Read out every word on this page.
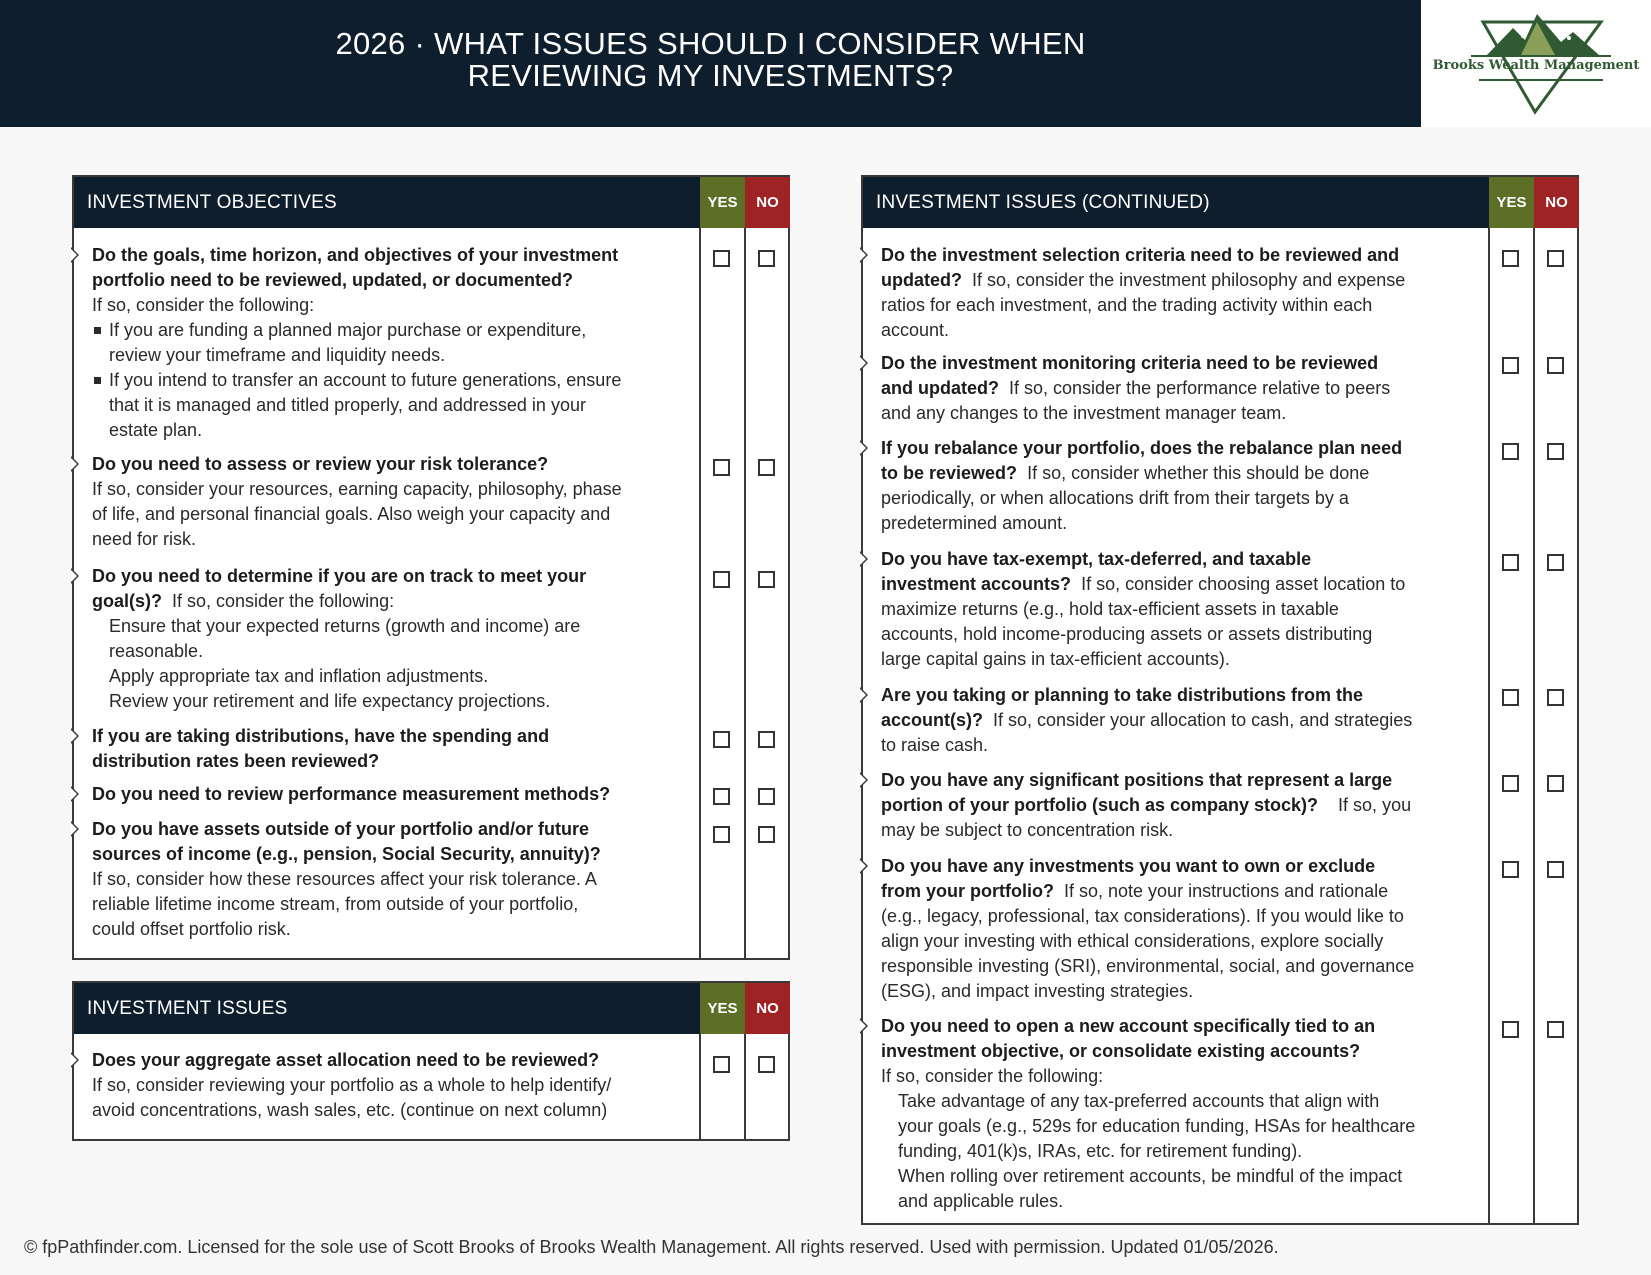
2026 · WHAT ISSUES SHOULD I CONSIDER WHEN
REVIEWING MY INVESTMENTS?	Brooks Wealth Management
INVESTMENT OBJECTIVES	YES	NO
Do the goals, time horizon, and objectives of your investment
portfolio need to be reviewed, updated, or documented?
If so, consider the following:
If you are funding a planned major purchase or expenditure,
review your timeframe and liquidity needs.
If you intend to transfer an account to future generations, ensure
that it is managed and titled properly, and addressed in your
estate plan.
Do you need to assess or review your risk tolerance?
If so, consider your resources, earning capacity, philosophy, phase
of life, and personal financial goals. Also weigh your capacity and
need for risk.
Do you need to determine if you are on track to meet your
goal(s)? If so, consider the following:
Ensure that your expected returns (growth and income) are
reasonable.
Apply appropriate tax and inflation adjustments.
Review your retirement and life expectancy projections.
If you are taking distributions, have the spending and
distribution rates been reviewed?
Do you need to review performance measurement methods?
Do you have assets outside of your portfolio and/or future
sources of income (e.g., pension, Social Security, annuity)?
If so, consider how these resources affect your risk tolerance. A
reliable lifetime income stream, from outside of your portfolio,
could offset portfolio risk.
INVESTMENT ISSUES	YES	NO
Does your aggregate asset allocation need to be reviewed?
If so, consider reviewing your portfolio as a whole to help identify/
avoid concentrations, wash sales, etc. (continue on next column)
INVESTMENT ISSUES (CONTINUED)	YES	NO
Do the investment selection criteria need to be reviewed and
updated? If so, consider the investment philosophy and expense
ratios for each investment, and the trading activity within each
account.
Do the investment monitoring criteria need to be reviewed
and updated? If so, consider the performance relative to peers
and any changes to the investment manager team.
If you rebalance your portfolio, does the rebalance plan need
to be reviewed? If so, consider whether this should be done
periodically, or when allocations drift from their targets by a
predetermined amount.
Do you have tax-exempt, tax-deferred, and taxable
investment accounts? If so, consider choosing asset location to
maximize returns (e.g., hold tax-efficient assets in taxable
accounts, hold income-producing assets or assets distributing
large capital gains in tax-efficient accounts).
Are you taking or planning to take distributions from the
account(s)? If so, consider your allocation to cash, and strategies
to raise cash.
Do you have any significant positions that represent a large
portion of your portfolio (such as company stock)? If so, you
may be subject to concentration risk.
Do you have any investments you want to own or exclude
from your portfolio? If so, note your instructions and rationale
(e.g., legacy, professional, tax considerations). If you would like to
align your investing with ethical considerations, explore socially
responsible investing (SRI), environmental, social, and governance
(ESG), and impact investing strategies.
Do you need to open a new account specifically tied to an
investment objective, or consolidate existing accounts?
If so, consider the following:
Take advantage of any tax-preferred accounts that align with
your goals (e.g., 529s for education funding, HSAs for healthcare
funding, 401(k)s, IRAs, etc. for retirement funding).
When rolling over retirement accounts, be mindful of the impact
and applicable rules.
© fpPathfinder.com. Licensed for the sole use of Scott Brooks of Brooks Wealth Management. All rights reserved. Used with permission. Updated 01/05/2026.
